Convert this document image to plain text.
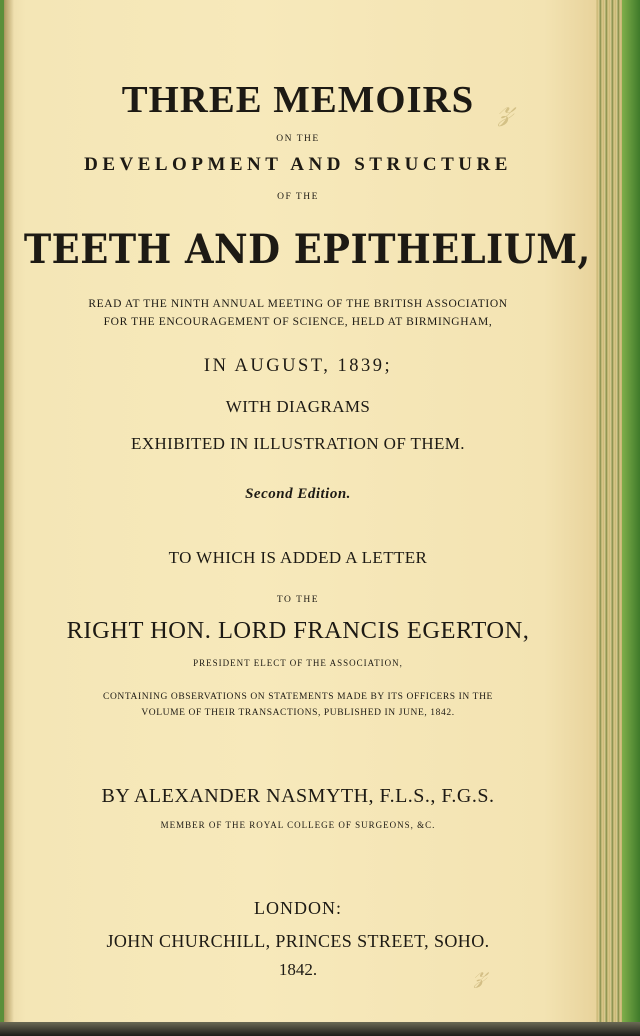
𝓏
𝓏
THREE MEMOIRS
ON THE
DEVELOPMENT AND STRUCTURE
OF THE
TEETH AND EPITHELIUM,
READ AT THE NINTH ANNUAL MEETING OF THE BRITISH ASSOCIATION
FOR THE ENCOURAGEMENT OF SCIENCE, HELD AT BIRMINGHAM,
IN AUGUST, 1839;
WITH DIAGRAMS
EXHIBITED IN ILLUSTRATION OF THEM.
Second Edition.
TO WHICH IS ADDED A LETTER
TO THE
RIGHT HON. LORD FRANCIS EGERTON,
PRESIDENT ELECT OF THE ASSOCIATION,
CONTAINING OBSERVATIONS ON STATEMENTS MADE BY ITS OFFICERS IN THE
VOLUME OF THEIR TRANSACTIONS, PUBLISHED IN JUNE, 1842.
BY ALEXANDER NASMYTH, F.L.S., F.G.S.
MEMBER OF THE ROYAL COLLEGE OF SURGEONS, &C.
LONDON:
JOHN CHURCHILL, PRINCES STREET, SOHO.
1842.
